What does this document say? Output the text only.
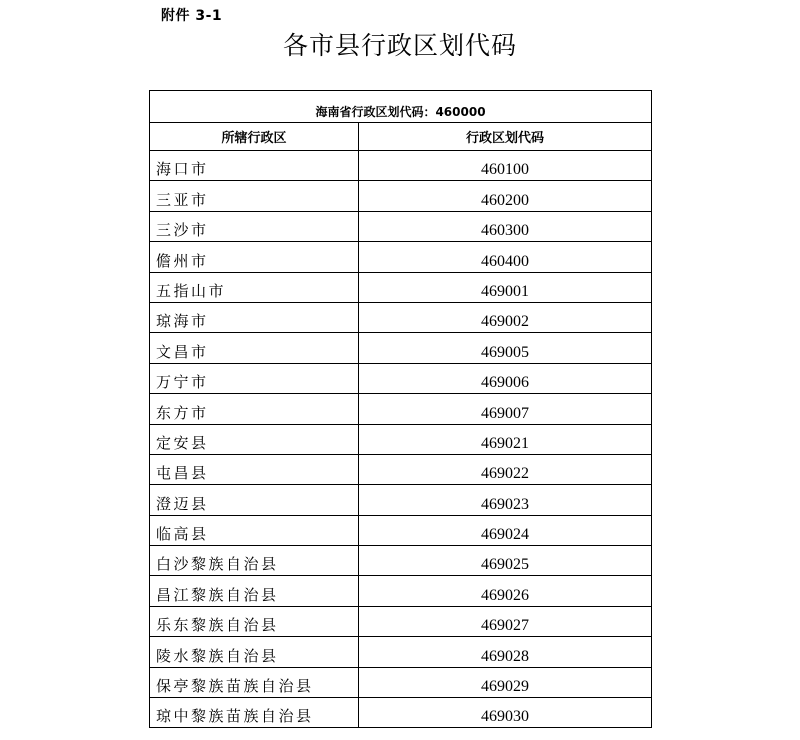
附件 3-1
各市县行政区划代码
海南省行政区划代码：460000	
所辖行政区	行政区划代码
海口市	460100
三亚市	460200
三沙市	460300
儋州市	460400
五指山市	469001
琼海市	469002
文昌市	469005
万宁市	469006
东方市	469007
定安县	469021
屯昌县	469022
澄迈县	469023
临高县	469024
白沙黎族自治县	469025
昌江黎族自治县	469026
乐东黎族自治县	469027
陵水黎族自治县	469028
保亭黎族苗族自治县	469029
琼中黎族苗族自治县	469030
